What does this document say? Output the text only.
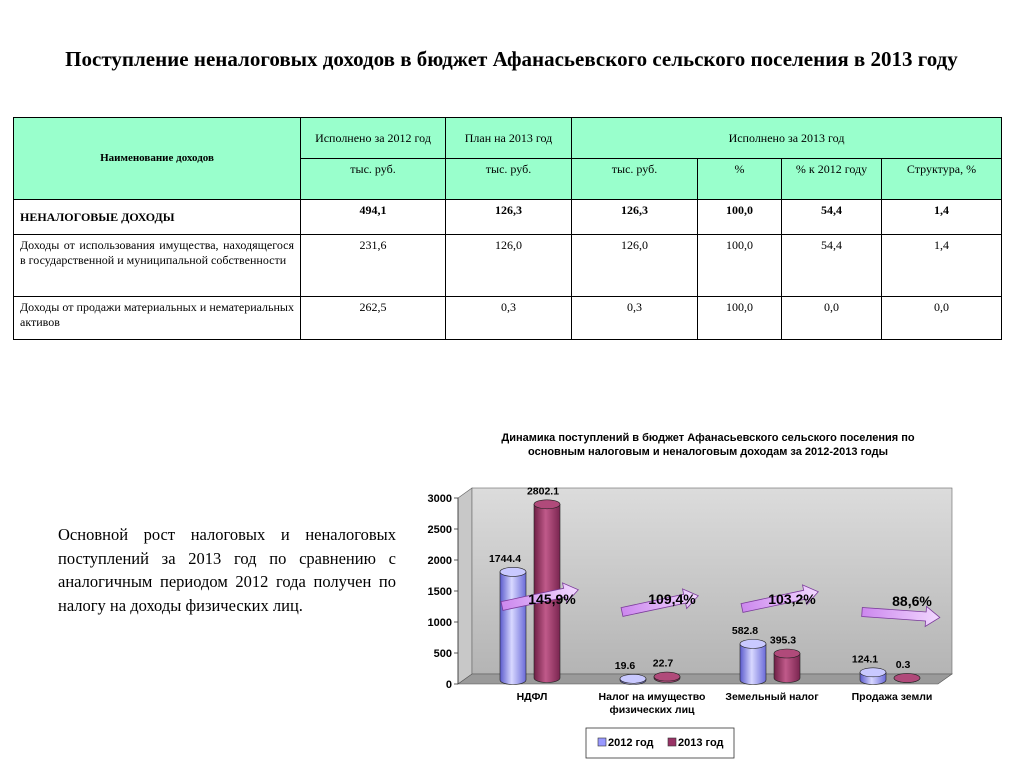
Поступление неналоговых доходов в бюджет Афанасьевского сельского поселения в 2013 году
Наименование доходов	Исполнено за 2012 год	План на 2013 год	Исполнено за 2013 год			
	тыс. руб.	тыс. руб.	тыс. руб.	%	% к 2012 году	Структура, %
НЕНАЛОГОВЫЕ ДОХОДЫ	494,1	126,3	126,3	100,0	54,4	1,4
Доходы от использования имущества, находящегося в государственной и муниципальной собственности	231,6	126,0	126,0	100,0	54,4	1,4
Доходы от продажи материальных и нематериальных активов	262,5	0,3	0,3	100,0	0,0	0,0
Основной рост налоговых и неналоговых поступлений за 2013 год по сравнению с аналогичным периодом 2012 года получен по налогу на доходы физических лиц.
Динамика поступлений в бюджет Афанасьевского сельского поселения по основным налоговым и неналоговым доходам за 2012-2013 годы
0
500
1000
1500
2000
2500
3000
1744.4
2802.1
НДФЛ
19.6 22.7
Налог на имущество физических лиц
582.8
395.3
Земельный налог
124.1 0.3
Продажа земли
145,9%	109,4%	103,2%	88,6%
2012 год 2013 год
